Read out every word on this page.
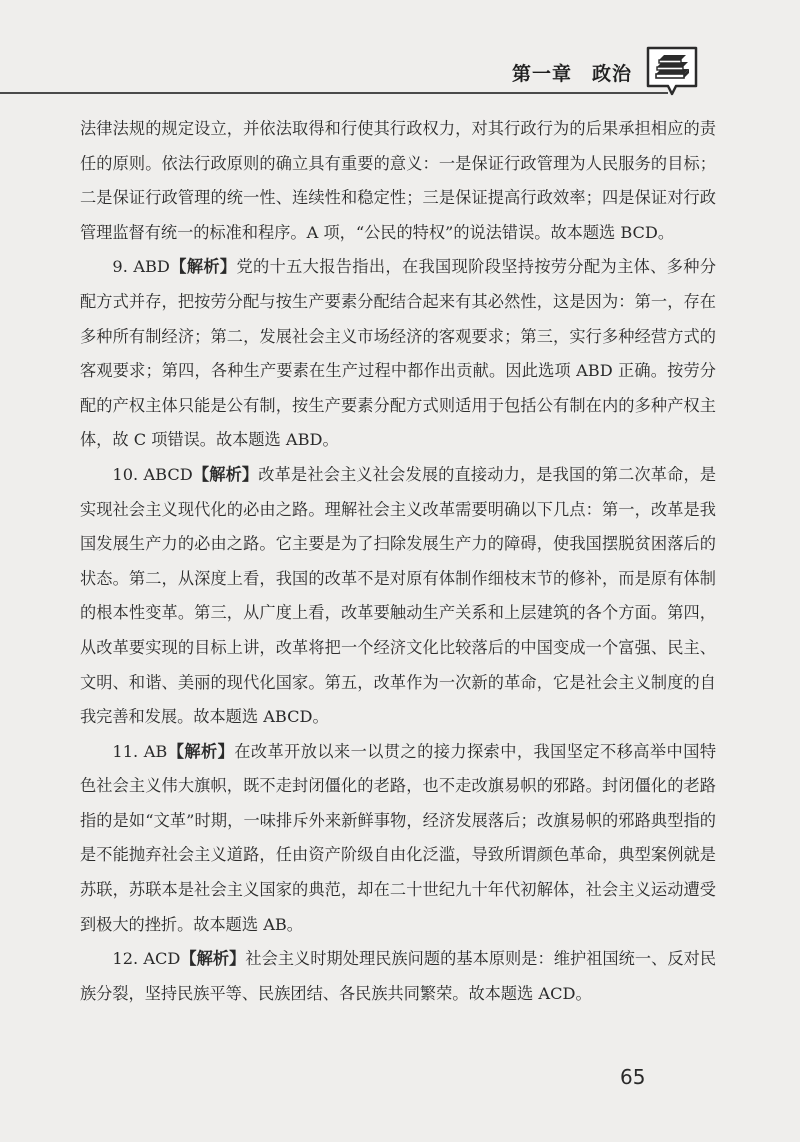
第一章　政治

法律法规的规定设立，并依法取得和行使其行政权力，对其行政行为的后果承担相应的责任的原则。依法行政原则的确立具有重要的意义：一是保证行政管理为人民服务的目标；二是保证行政管理的统一性、连续性和稳定性；三是保证提高行政效率；四是保证对行政管理监督有统一的标准和程序。A 项，“公民的特权”的说法错误。故本题选 BCD。

9. ABD【解析】党的十五大报告指出，在我国现阶段坚持按劳分配为主体、多种分配方式并存，把按劳分配与按生产要素分配结合起来有其必然性，这是因为：第一，存在多种所有制经济；第二，发展社会主义市场经济的客观要求；第三，实行多种经营方式的客观要求；第四，各种生产要素在生产过程中都作出贡献。因此选项 ABD 正确。按劳分配的产权主体只能是公有制，按生产要素分配方式则适用于包括公有制在内的多种产权主体，故 C 项错误。故本题选 ABD。

10. ABCD【解析】改革是社会主义社会发展的直接动力，是我国的第二次革命，是实现社会主义现代化的必由之路。理解社会主义改革需要明确以下几点：第一，改革是我国发展生产力的必由之路。它主要是为了扫除发展生产力的障碍，使我国摆脱贫困落后的状态。第二，从深度上看，我国的改革不是对原有体制作细枝末节的修补，而是原有体制的根本性变革。第三，从广度上看，改革要触动生产关系和上层建筑的各个方面。第四，从改革要实现的目标上讲，改革将把一个经济文化比较落后的中国变成一个富强、民主、文明、和谐、美丽的现代化国家。第五，改革作为一次新的革命，它是社会主义制度的自我完善和发展。故本题选 ABCD。

11. AB【解析】在改革开放以来一以贯之的接力探索中，我国坚定不移高举中国特色社会主义伟大旗帜，既不走封闭僵化的老路，也不走改旗易帜的邪路。封闭僵化的老路指的是如“文革”时期，一味排斥外来新鲜事物，经济发展落后；改旗易帜的邪路典型指的是不能抛弃社会主义道路，任由资产阶级自由化泛滥，导致所谓颜色革命，典型案例就是苏联，苏联本是社会主义国家的典范，却在二十世纪九十年代初解体，社会主义运动遭受到极大的挫折。故本题选 AB。

12. ACD【解析】社会主义时期处理民族问题的基本原则是：维护祖国统一、反对民族分裂，坚持民族平等、民族团结、各民族共同繁荣。故本题选 ACD。

65
